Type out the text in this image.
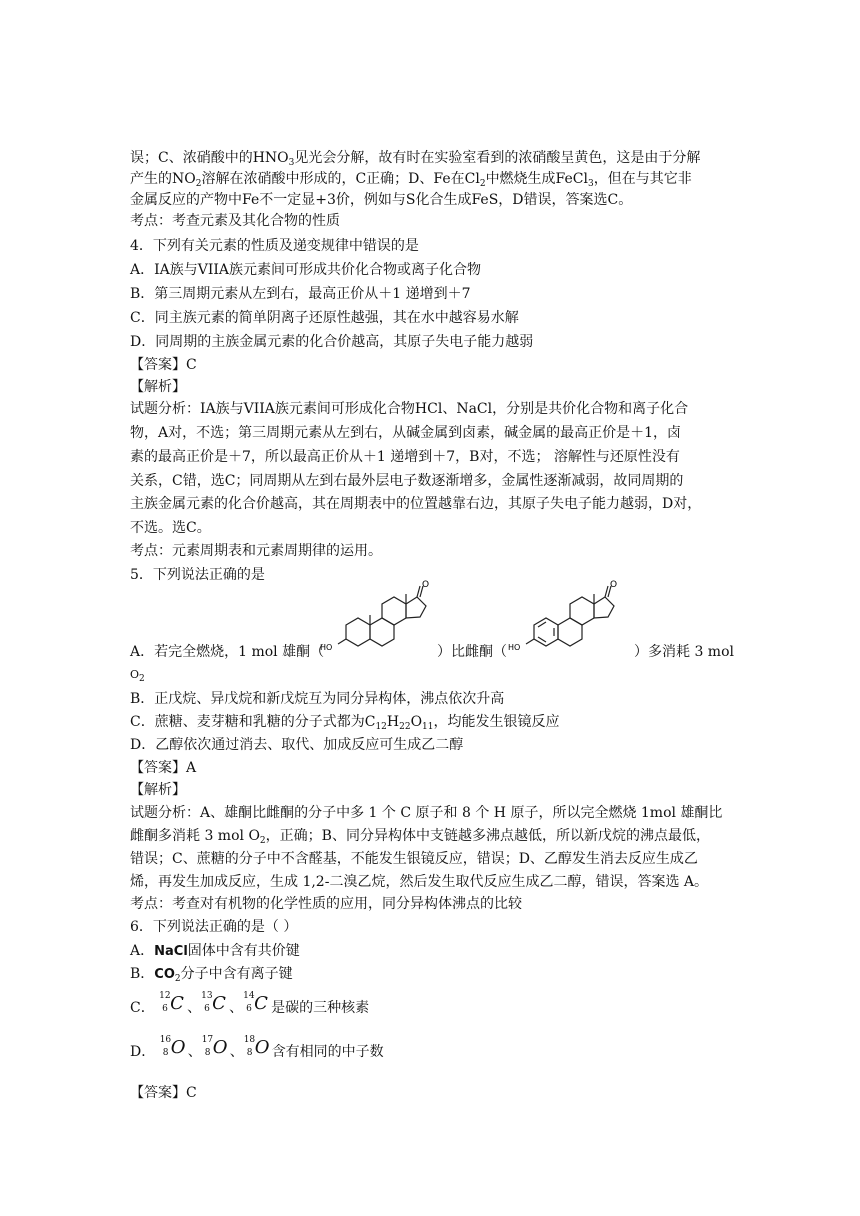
误；C、浓硝酸中的$HNO_3$见光会分解，故有时在实验室看到的浓硝酸呈黄色，这是由于分解
产生的$NO_2$溶解在浓硝酸中形成的，C正确；D、Fe在$Cl_2$中燃烧生成FeCl$_3$，但在与其它非
金属反应的产物中Fe不一定显+3价，例如与S化合生成FeS，D错误，答案选C。
考点：考查元素及其化合物的性质
4．下列有关元素的性质及递变规律中错误的是
A．IA族与VIIA族元素间可形成共价化合物或离子化合物
B．第三周期元素从左到右，最高正价从＋1 递增到＋7
C．同主族元素的简单阴离子还原性越强，其在水中越容易水解
D．同周期的主族金属元素的化合价越高，其原子失电子能力越弱
【答案】C
【解析】
试题分析：IA族与VIIA族元素间可形成化合物HCl、NaCl，分别是共价化合物和离子化合
物，A对，不选；第三周期元素从左到右，从碱金属到卤素，碱金属的最高正价是＋1，卤
素的最高正价是＋7，所以最高正价从＋1 递增到＋7，B对，不选； 溶解性与还原性没有
关系，C错，选C；同周期从左到右最外层电子数逐渐增多，金属性逐渐减弱，故同周期的
主族金属元素的化合价越高，其在周期表中的位置越靠右边，其原子失电子能力越弱，D对，
不选。选C。
考点：元素周期表和元素周期律的运用。
5．下列说法正确的是
O
HO
O
HO
A．若完全燃烧，1 mol 雄酮（	）比雌酮（	）多消耗 3 mol
$O_2$
B．正戊烷、异戊烷和新戊烷互为同分异构体，沸点依次升高
C．蔗糖、麦芽糖和乳糖的分子式都为$C_{12}H_{22}O_{11}$，均能发生银镜反应
D．乙醇依次通过消去、取代、加成反应可生成乙二醇
【答案】A
【解析】
试题分析：A、雄酮比雌酮的分子中多 1 个 C 原子和 8 个 H 原子，所以完全燃烧 1mol 雄酮比
雌酮多消耗 3 mol $O_2$，正确；B、同分异构体中支链越多沸点越低，所以新戊烷的沸点最低，
错误；C、蔗糖的分子中不含醛基，不能发生银镜反应，错误；D、乙醇发生消去反应生成乙
烯，再发生加成反应，生成 1,2-二溴乙烷，然后发生取代反应生成乙二醇，错误，答案选 A。
考点：考查对有机物的化学性质的应用，同分异构体沸点的比较
6．下列说法正确的是（ ）
A．NaCl固体中含有共价键
B．$CO_2$分子中含有离子键
C．
12
6 C 、
13
6 C 、
14
6 C 是碳的三种核素
D．
16
8 O 、
17
8 O 、
18
8 O 含有相同的中子数
【答案】C
